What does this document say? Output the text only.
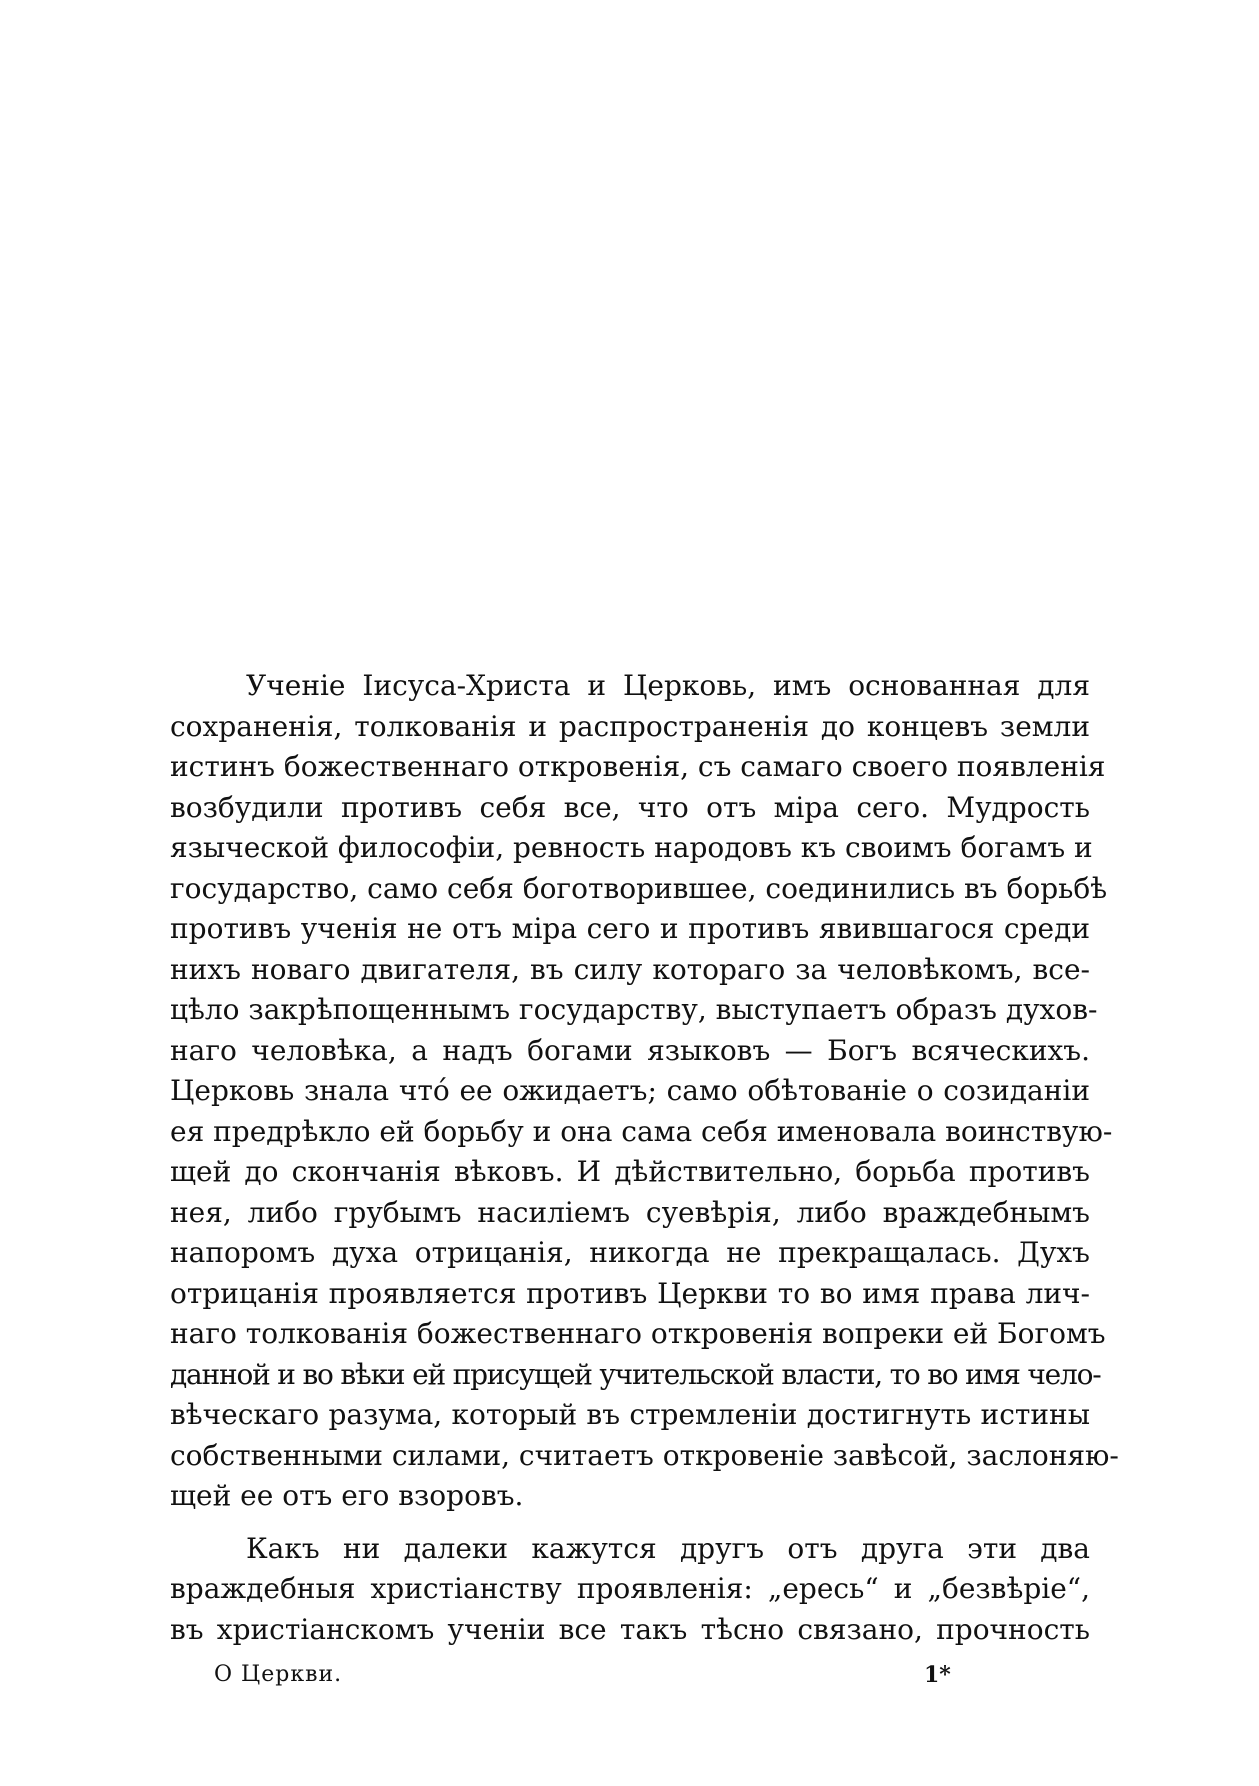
Ученіе Іисуса-Христа и Церковь, имъ основанная для
сохраненія, толкованія и распространенія до концевъ земли
истинъ божественнаго откровенія, съ самаго своего появленія
возбудили противъ себя все, что отъ міра сего. Мудрость
языческой философіи, ревность народовъ къ своимъ богамъ и
государство, само себя боготворившее, соединились въ борьбѣ
противъ ученія не отъ міра сего и противъ явившагося среди
нихъ новаго двигателя, въ силу котораго за человѣкомъ, все-
цѣло закрѣпощеннымъ государству, выступаетъ образъ духов-
наго человѣка, а надъ богами языковъ — Богъ всяческихъ.
Церковь знала что́ ее ожидаетъ; само обѣтованіе о созиданіи
ея предрѣкло ей борьбу и она сама себя именовала воинствую-
щей до скончанія вѣковъ. И дѣйствительно, борьба противъ
нея, либо грубымъ насиліемъ суевѣрія, либо враждебнымъ
напоромъ духа отрицанія, никогда не прекращалась. Духъ
отрицанія проявляется противъ Церкви то во имя права лич-
наго толкованія божественнаго откровенія вопреки ей Богомъ
данной и во вѣки ей присущей учительской власти, то во имя чело-
вѣческаго разума, который въ стремленіи достигнуть истины
собственными силами, считаетъ откровеніе завѣсой, заслоняю-
щей ее отъ его взоровъ.
Какъ ни далеки кажутся другъ отъ друга эти два
враждебныя христіанству проявленія: „ересь“ и „безвѣріе“,
въ христіанскомъ ученіи все такъ тѣсно связано, прочность
О Церкви.	1*
